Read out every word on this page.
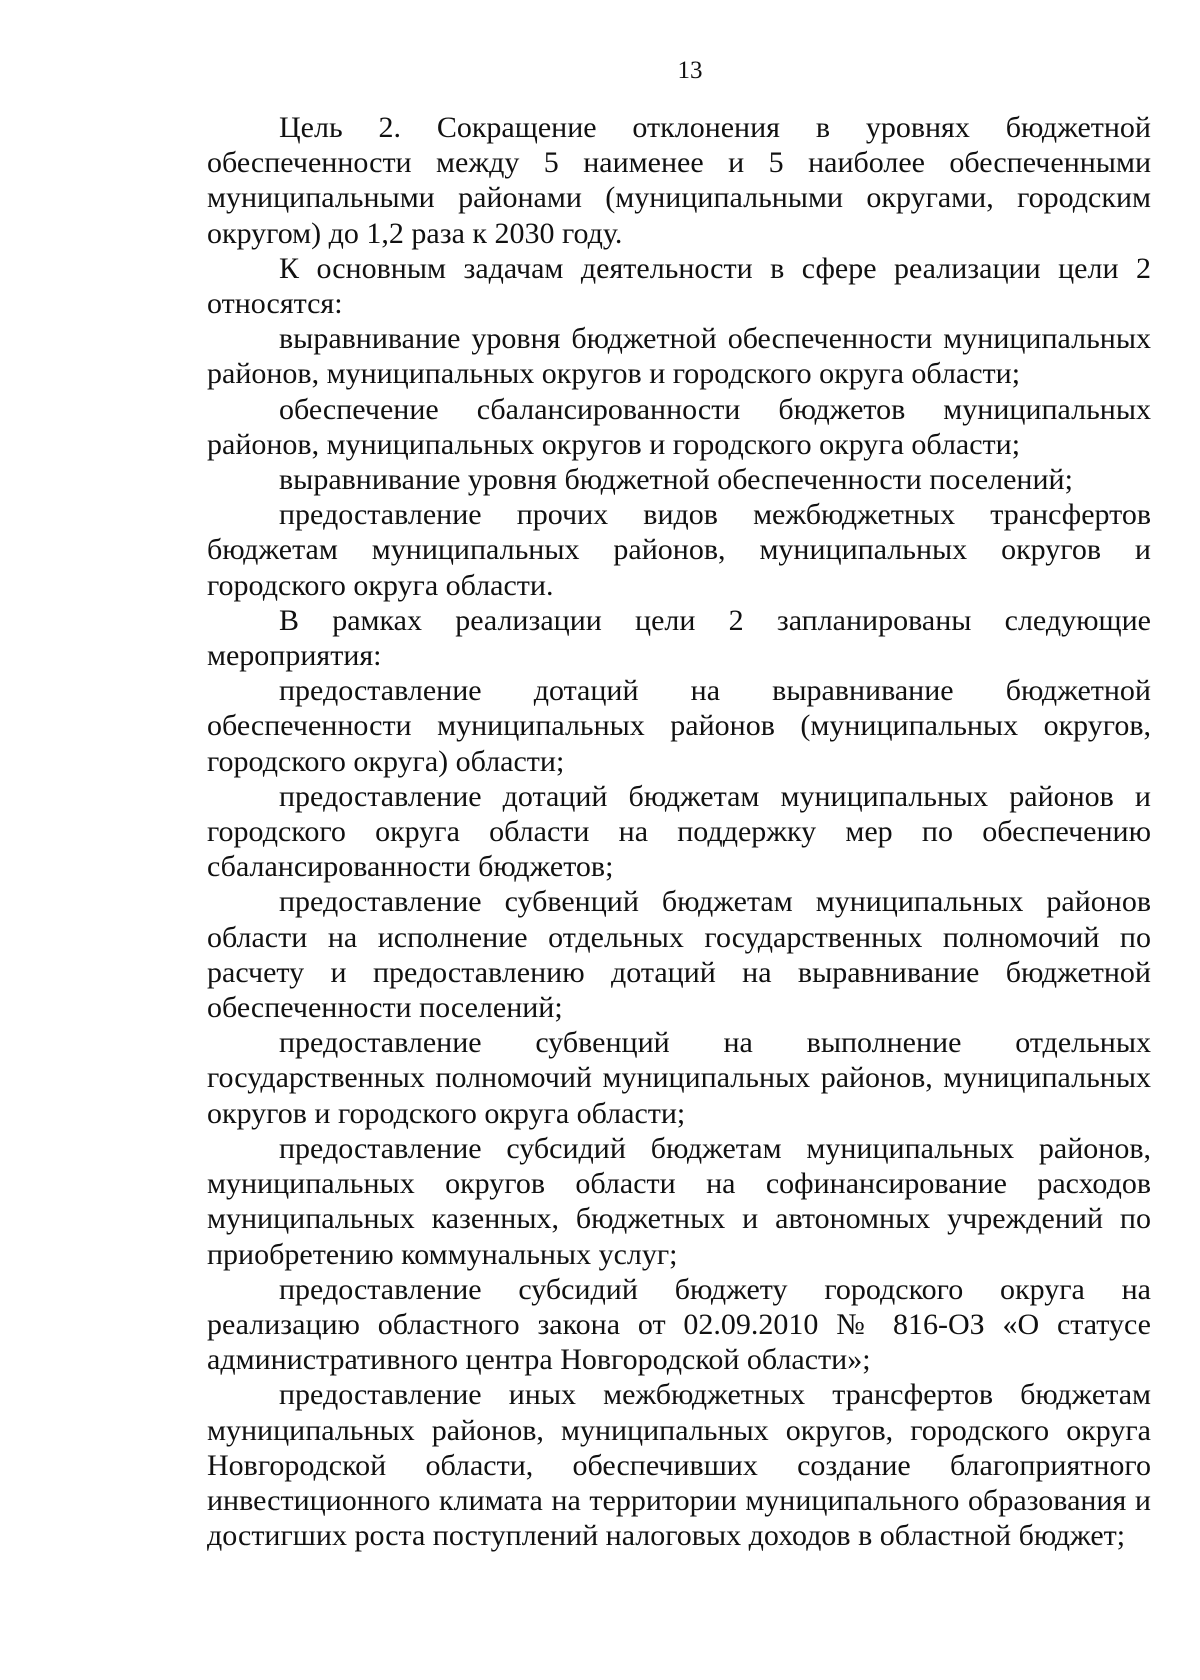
13

Цель 2. Сокращение отклонения в уровнях бюджетной обеспеченности между 5 наименее и 5 наиболее обеспеченными муниципальными районами (муниципальными округами, городским округом) до 1,2 раза к 2030 году.

К основным задачам деятельности в сфере реализации цели 2 относятся:

выравнивание уровня бюджетной обеспеченности муниципальных районов, муниципальных округов и городского округа области;

обеспечение сбалансированности бюджетов муниципальных районов, муниципальных округов и городского округа области;

выравнивание уровня бюджетной обеспеченности поселений;

предоставление прочих видов межбюджетных трансфертов бюджетам муниципальных районов, муниципальных округов и городского округа области.

В рамках реализации цели 2 запланированы следующие мероприятия:

предоставление дотаций на выравнивание бюджетной обеспеченности муниципальных районов (муниципальных округов, городского округа) области;

предоставление дотаций бюджетам муниципальных районов и городского округа области на поддержку мер по обеспечению сбалансированности бюджетов;

предоставление субвенций бюджетам муниципальных районов области на исполнение отдельных государственных полномочий по расчету и предоставлению дотаций на выравнивание бюджетной обеспеченности поселений;

предоставление субвенций на выполнение отдельных государственных полномочий муниципальных районов, муниципальных округов и городского округа области;

предоставление субсидий бюджетам муниципальных районов, муниципальных округов области на софинансирование расходов муниципальных казенных, бюджетных и автономных учреждений по приобретению коммунальных услуг;

предоставление субсидий бюджету городского округа на реализацию областного закона от 02.09.2010 № 816-ОЗ «О статусе административного центра Новгородской области»;

предоставление иных межбюджетных трансфертов бюджетам муниципальных районов, муниципальных округов, городского округа Новгородской области, обеспечивших создание благоприятного инвестиционного климата на территории муниципального образования и достигших роста поступлений налоговых доходов в областной бюджет;
